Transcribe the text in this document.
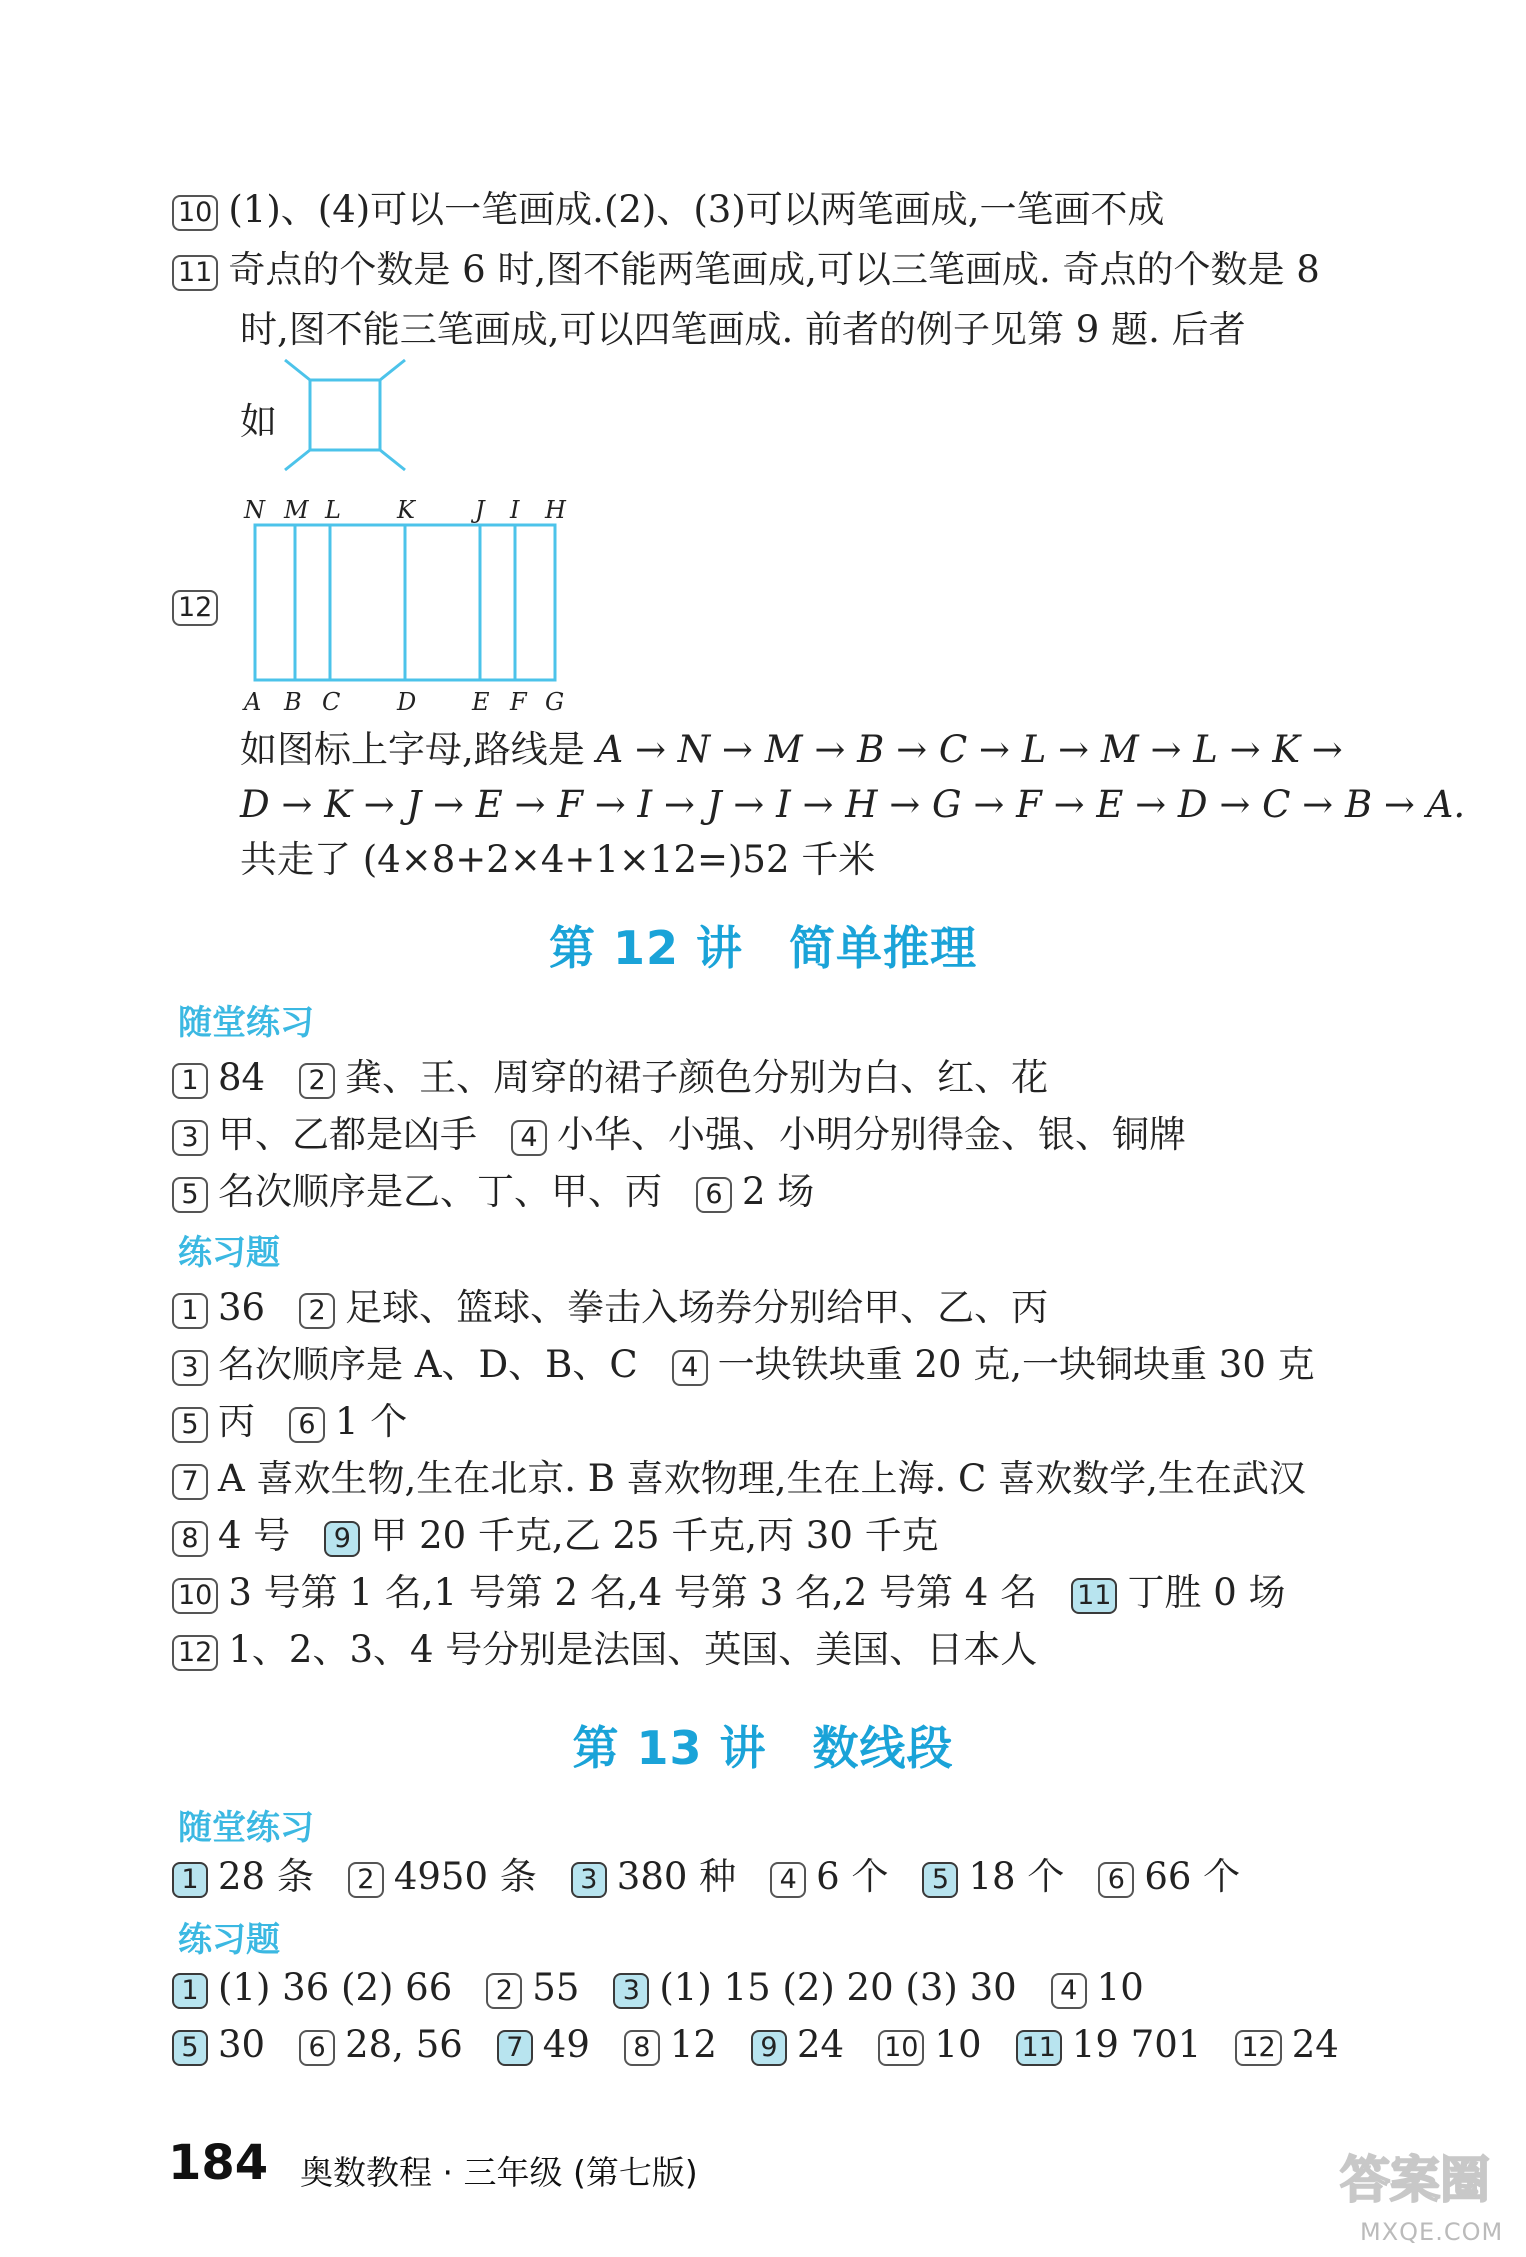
10 (1)、(4)可以一笔画成.(2)、(3)可以两笔画成,一笔画不成
11 奇点的个数是 6 时,图不能两笔画成,可以三笔画成. 奇点的个数是 8
时,图不能三笔画成,可以四笔画成. 前者的例子见第 9 题. 后者
如
12
N M L K	J I H
A B C D E F G
如图标上字母,路线是 A → N → M → B → C → L → M → L → K →
D → K → J → E → F → I → J → I → H → G → F → E → D → C → B → A.
共走了 (4×8+2×4+1×12=)52 千米
第 12 讲 简单推理
随堂练习
1 84 2 龚、王、周穿的裙子颜色分别为白、红、花
3 甲、乙都是凶手 4 小华、小强、小明分别得金、银、铜牌
5 名次顺序是乙、丁、甲、丙 6 2 场
练习题
1 36 2 足球、篮球、拳击入场券分别给甲、乙、丙
3 名次顺序是 A、D、B、C 4 一块铁块重 20 克,一块铜块重 30 克
5 丙 6 1 个
7 A 喜欢生物,生在北京. B 喜欢物理,生在上海. C 喜欢数学,生在武汉
8 4 号 9 甲 20 千克,乙 25 千克,丙 30 千克
10 3 号第 1 名,1 号第 2 名,4 号第 3 名,2 号第 4 名 11 丁胜 0 场
12 1、2、3、4 号分别是法国、英国、美国、日本人
第 13 讲 数线段
随堂练习
1 28 条 2 4950 条 3 380 种 4 6 个 5 18 个 6 66 个
练习题
1 (1) 36 (2) 66 2 55 3 (1) 15 (2) 20 (3) 30 4 10
5 30 6 28, 56 7 49 8 12 9 24 10 10 11 19 701 12 24
184 奥数教程 · 三年级 (第七版)	答案圈
MXQE.COM
